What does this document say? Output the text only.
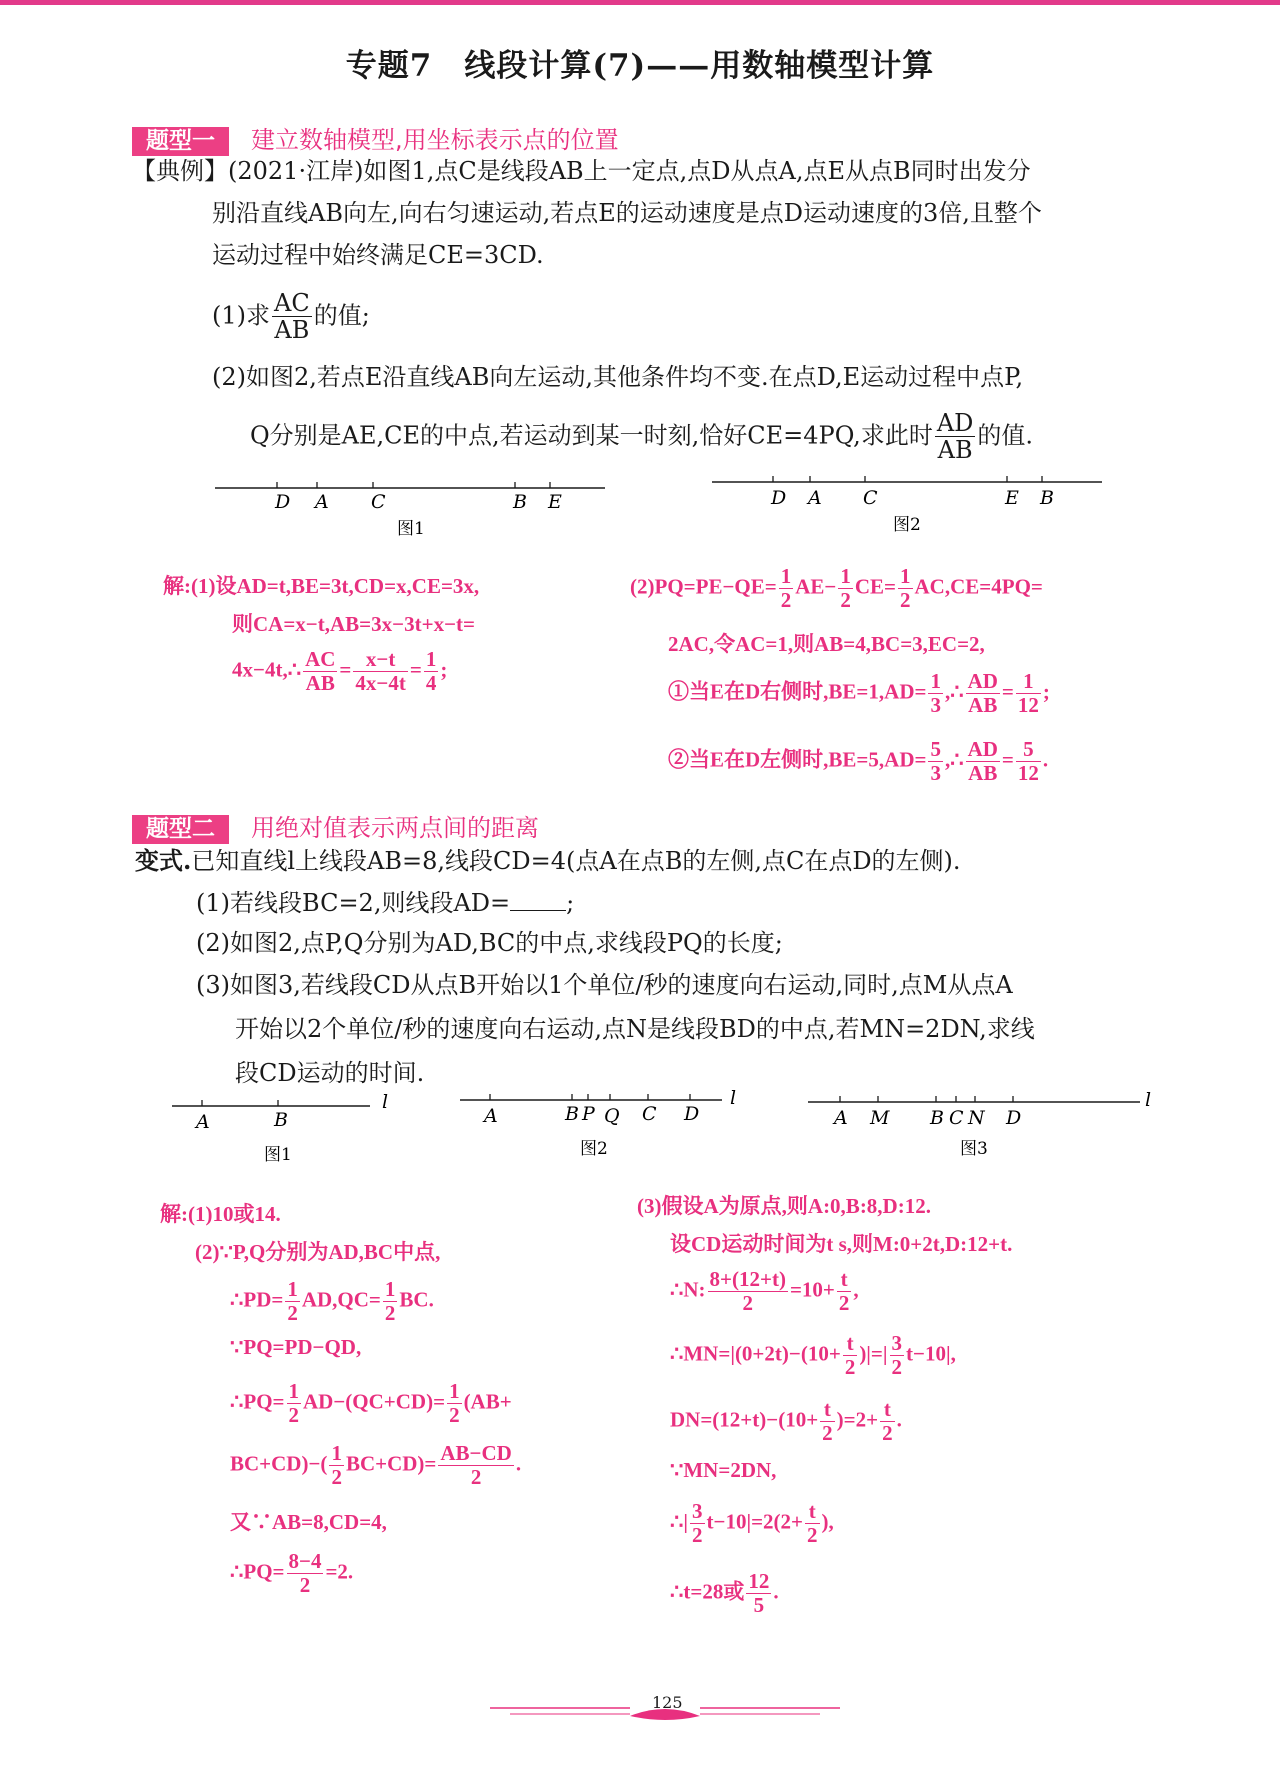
专题7　线段计算(7)——用数轴模型计算
题型一 建立数轴模型,用坐标表示点的位置
【典例】(2021·江岸)如图1,点C是线段AB上一定点,点D从点A,点E从点B同时出发分
别沿直线AB向左,向右匀速运动,若点E的运动速度是点D运动速度的3倍,且整个
运动过程中始终满足CE=3CD.
(1)求 $\frac{AC}{AB}$ 的值;
(2)如图2,若点E沿直线AB向左运动,其他条件均不变.在点D,E运动过程中点P,
Q分别是AE,CE的中点,若运动到某一时刻,恰好CE=4PQ,求此时 $\frac{AD}{AB}$ 的值.
D A C	B E
图1
D A C	E B
图2
解:(1)设AD=t,BE=3t,CD=x,CE=3x,
则CA=x−t,AB=3x−3t+x−t=
4x−4t,∴ $\frac{AC}{AB} = \frac{x-t}{4x-4t} = \frac{1}{4}$ ;
$(2)PQ=PE-QE= \frac{1}{2} AE- \frac{1}{2} CE= \frac{1}{2} AC,CE=4PQ=$
2AC,令AC=1,则AB=4,BC=3,EC=2,
①当E在D右侧时$,BE=1,AD= \frac{1}{3}$ ,∴ $\frac{AD}{AB} = \frac{1}{12}$ ;
②当E在D左侧时$,BE=5,AD= \frac{5}{3}$ ,∴ $\frac{AD}{AB} = \frac{5}{12}$ .
题型二 用绝对值表示两点间的距离
变式.已知直线l上线段AB=8,线段CD=4(点A在点B的左侧,点C在点D的左侧).
(1)若线段BC=2,则线段AD= ;
(2)如图2,点P,Q分别为AD,BC的中点,求线段PQ的长度;
(3)如图3,若线段CD从点B开始以1个单位/秒的速度向右运动,同时,点M从点A
开始以2个单位/秒的速度向右运动,点N是线段BD的中点,若MN=2DN,求线
段CD运动的时间.
A	B
l
图1
A	B P Q C D
l
图2
A M B C N D
l
图3
解:(1)10或14.
(2)∵P,Q分别为AD,BC中点,
∴PD= $\frac{1}{2} AD,QC= \frac{1}{2}$ BC.
∵PQ=PD−QD,
∴PQ= $\frac{1}{2} AD-(QC+CD)= \frac{1}{2} (AB+$
$BC+CD)-( \frac{1}{2} BC+CD)= \frac{AB-CD}{2}$ .
又∵AB=8,CD=4,
∴PQ= $\frac{8-4}{2} =2$.
(3)假设A为原点,则A:0,B:8,D:12.
设CD运动时间为t s,则M:0+2t,D:12+t.
∴N: $\frac{8+(12+t)}{2} =10+ \frac{t}{2}$ ,
∴MN=|(0+2t)−(10+ $\frac{t}{2}$ )|=| $\frac{3}{2} t-10|$,
$DN=(12+t)-(10+ \frac{t}{2} )=2+ \frac{t}{2}$ .
∵MN=2DN,
∴| $\frac{3}{2} t-10|=2(2+ \frac{t}{2}$ ),
∴t=28或 $\frac{12}{5}$ .
125
